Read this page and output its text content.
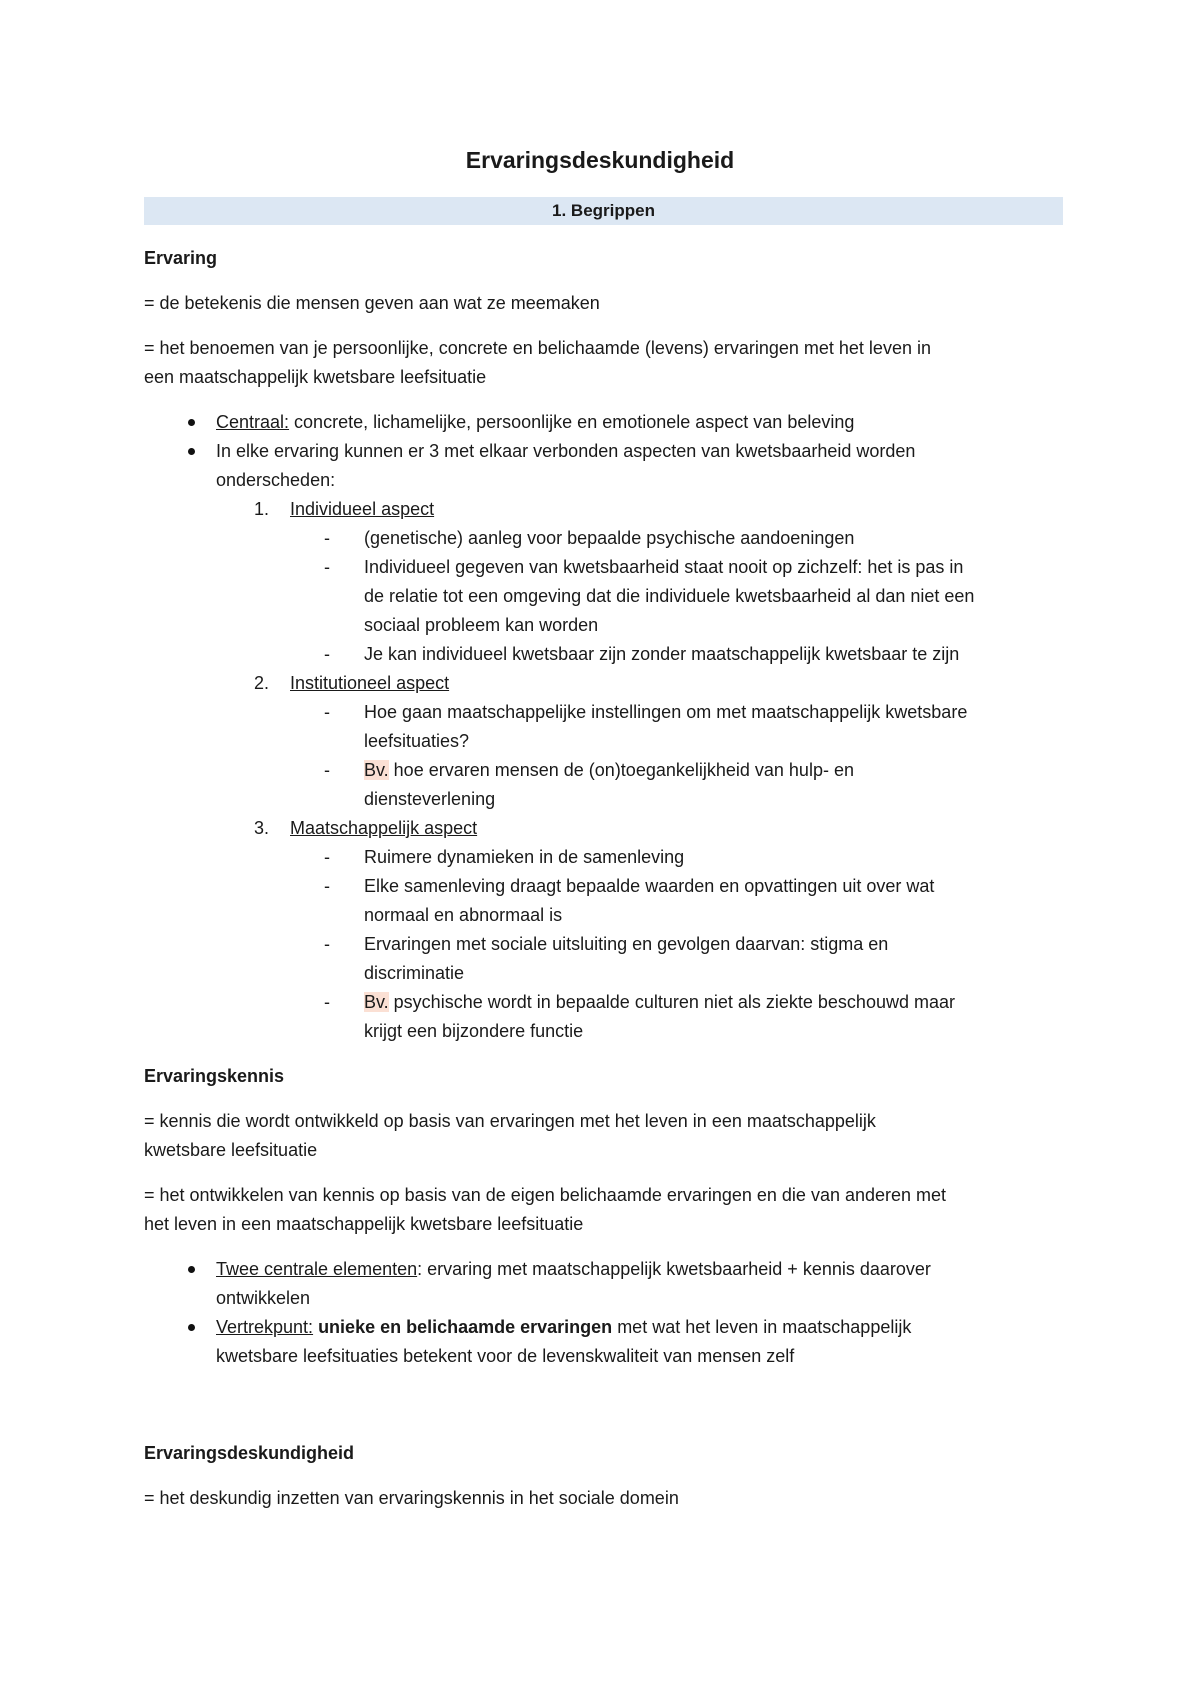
Ervaringsdeskundigheid
1. Begrippen
Ervaring
= de betekenis die mensen geven aan wat ze meemaken
= het benoemen van je persoonlijke, concrete en belichaamde (levens) ervaringen met het leven in
een maatschappelijk kwetsbare leefsituatie
Centraal: concrete, lichamelijke, persoonlijke en emotionele aspect van beleving
In elke ervaring kunnen er 3 met elkaar verbonden aspecten van kwetsbaarheid worden
onderscheden:
1.	Individueel aspect
-	(genetische) aanleg voor bepaalde psychische aandoeningen
-	Individueel gegeven van kwetsbaarheid staat nooit op zichzelf: het is pas in
de relatie tot een omgeving dat die individuele kwetsbaarheid al dan niet een
sociaal probleem kan worden
-	Je kan individueel kwetsbaar zijn zonder maatschappelijk kwetsbaar te zijn
2.	Institutioneel aspect
-	Hoe gaan maatschappelijke instellingen om met maatschappelijk kwetsbare
leefsituaties?
-	Bv. hoe ervaren mensen de (on)toegankelijkheid van hulp- en
diensteverlening
3.	Maatschappelijk aspect
-	Ruimere dynamieken in de samenleving
-	Elke samenleving draagt bepaalde waarden en opvattingen uit over wat
normaal en abnormaal is
-	Ervaringen met sociale uitsluiting en gevolgen daarvan: stigma en
discriminatie
-	Bv. psychische wordt in bepaalde culturen niet als ziekte beschouwd maar
krijgt een bijzondere functie
Ervaringskennis
= kennis die wordt ontwikkeld op basis van ervaringen met het leven in een maatschappelijk
kwetsbare leefsituatie
= het ontwikkelen van kennis op basis van de eigen belichaamde ervaringen en die van anderen met
het leven in een maatschappelijk kwetsbare leefsituatie
Twee centrale elementen: ervaring met maatschappelijk kwetsbaarheid + kennis daarover
ontwikkelen
Vertrekpunt: unieke en belichaamde ervaringen met wat het leven in maatschappelijk
kwetsbare leefsituaties betekent voor de levenskwaliteit van mensen zelf
Ervaringsdeskundigheid
= het deskundig inzetten van ervaringskennis in het sociale domein
